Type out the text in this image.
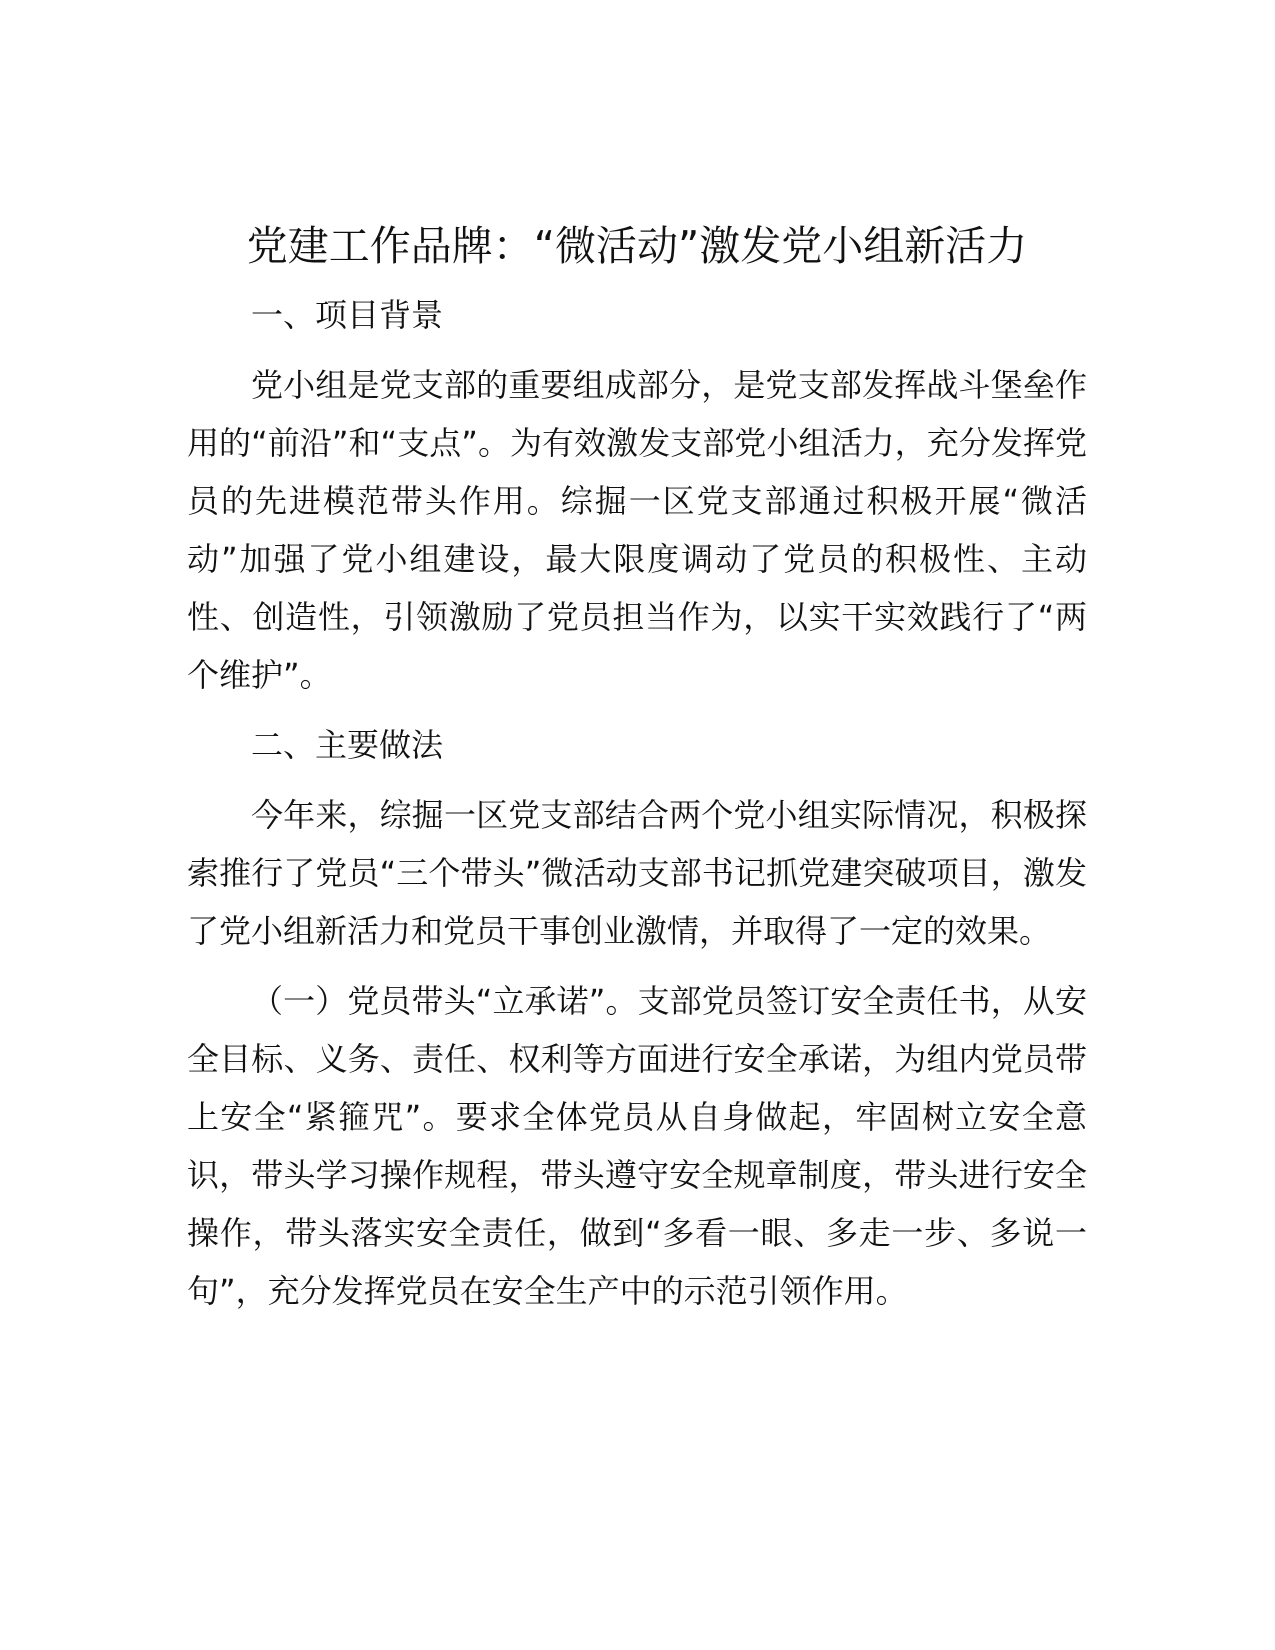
党建工作品牌：“微活动”激发党小组新活力
一、项目背景

党小组是党支部的重要组成部分，是党支部发挥战斗堡垒作用的“前沿”和“支点”。为有效激发支部党小组活力，充分发挥党员的先进模范带头作用。综掘一区党支部通过积极开展“微活动”加强了党小组建设，最大限度调动了党员的积极性、主动性、创造性，引领激励了党员担当作为，以实干实效践行了“两个维护”。

二、主要做法

今年来，综掘一区党支部结合两个党小组实际情况，积极探索推行了党员“三个带头”微活动支部书记抓党建突破项目，激发了党小组新活力和党员干事创业激情，并取得了一定的效果。

（一）党员带头“立承诺”。支部党员签订安全责任书，从安全目标、义务、责任、权利等方面进行安全承诺，为组内党员带上安全“紧箍咒”。要求全体党员从自身做起，牢固树立安全意识，带头学习操作规程，带头遵守安全规章制度，带头进行安全操作，带头落实安全责任，做到“多看一眼、多走一步、多说一句”，充分发挥党员在安全生产中的示范引领作用。
